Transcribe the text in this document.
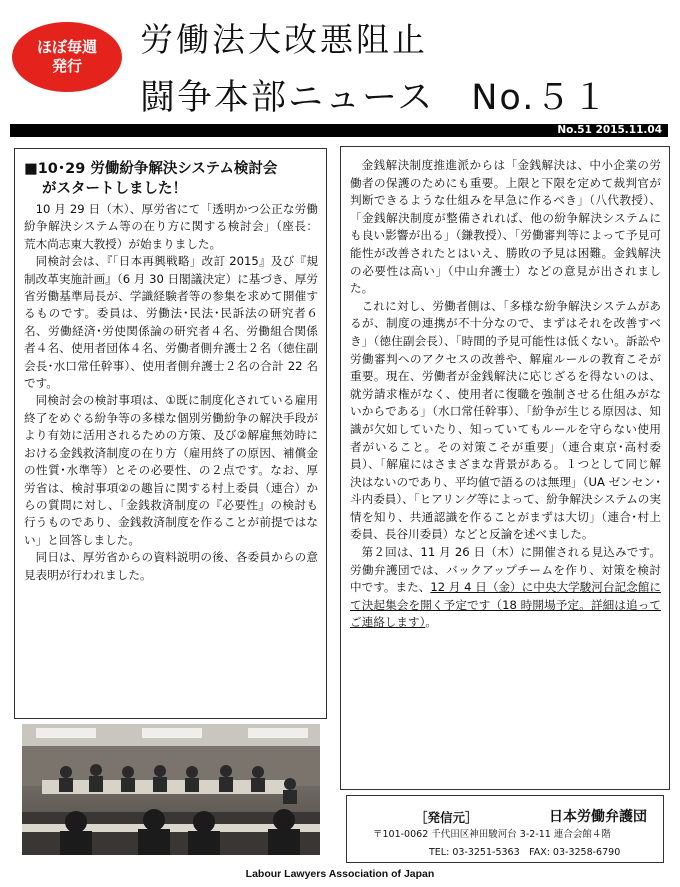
ほぼ毎週
発行
労働法大改悪阻止
闘争本部ニュース　No.５１
No.51 2015.11.04
■10･29 労働紛争解決システム検討会
がスタートしました！

10 月 29 日（木）、厚労省にて「透明かつ公正な労働紛争解決システム等の在り方に関する検討会」（座長：荒木尚志東大教授）が始まりました。

同検討会は、『「日本再興戦略」改訂 2015』及び『規制改革実施計画』（6 月 30 日閣議決定）に基づき、厚労省労働基準局長が、学識経験者等の参集を求めて開催するものです。委員は、労働法･民法･民訴法の研究者６名、労働経済･労使関係論の研究者４名、労働組合関係者４名、使用者団体４名、労働者側弁護士２名（徳住副会長･水口常任幹事）、使用者側弁護士２名の合計 22 名です。

同検討会の検討事項は、①既に制度化されている雇用終了をめぐる紛争等の多様な個別労働紛争の解決手段がより有効に活用されるための方策、及び②解雇無効時における金銭救済制度の在り方（雇用終了の原因、補償金の性質･水準等）とその必要性、の２点です。なお、厚労省は、検討事項②の趣旨に関する村上委員（連合）からの質問に対し、「金銭救済制度の『必要性』の検討も行うものであり、金銭救済制度を作ることが前提ではない」と回答しました。

同日は、厚労省からの資料説明の後、各委員からの意見表明が行われました。

金銭解決制度推進派からは「金銭解決は、中小企業の労働者の保護のためにも重要。上限と下限を定めて裁判官が判断できるような仕組みを早急に作るべき」（八代教授）、「金銭解決制度が整備されれば、他の紛争解決システムにも良い影響が出る」（鎌教授）、「労働審判等によって予見可能性が改善されたとはいえ、勝敗の予見は困難。金銭解決の必要性は高い」（中山弁護士）などの意見が出されました。

これに対し、労働者側は、「多様な紛争解決システムがあるが、制度の連携が不十分なので、まずはそれを改善すべき」（徳住副会長）、「時間的予見可能性は低くない。訴訟や労働審判へのアクセスの改善や、解雇ルールの教育こそが重要。現在、労働者が金銭解決に応じざるを得ないのは、就労請求権がなく、使用者に復職を強制させる仕組みがないからである」（水口常任幹事）、「紛争が生じる原因は、知識が欠如していたり、知っていてもルールを守らない使用者がいること。その対策こそが重要」（連合東京･高村委員）、「解雇にはさまざまな背景がある。１つとして同じ解決はないのであり、平均値で語るのは無理」（UA ゼンセン･斗内委員）、「ヒアリング等によって、紛争解決システムの実情を知り、共通認識を作ることがまずは大切」（連合･村上委員、長谷川委員）などと反論を述べました。

第２回は、11 月 26 日（木）に開催される見込みです。労働弁護団では、バックアップチームを作り、対策を検討中です。また、12 月 4 日（金）に中央大学駿河台記念館にて決起集会を開く予定です（18 時開場予定。詳細は追ってご連絡します）。

［発信元］	日本労働弁護団
〒101-0062 千代田区神田駿河台 3-2-11 連合会館４階
TEL: 03-3251-5363　FAX: 03-3258-6790
Labour Lawyers Association of Japan
